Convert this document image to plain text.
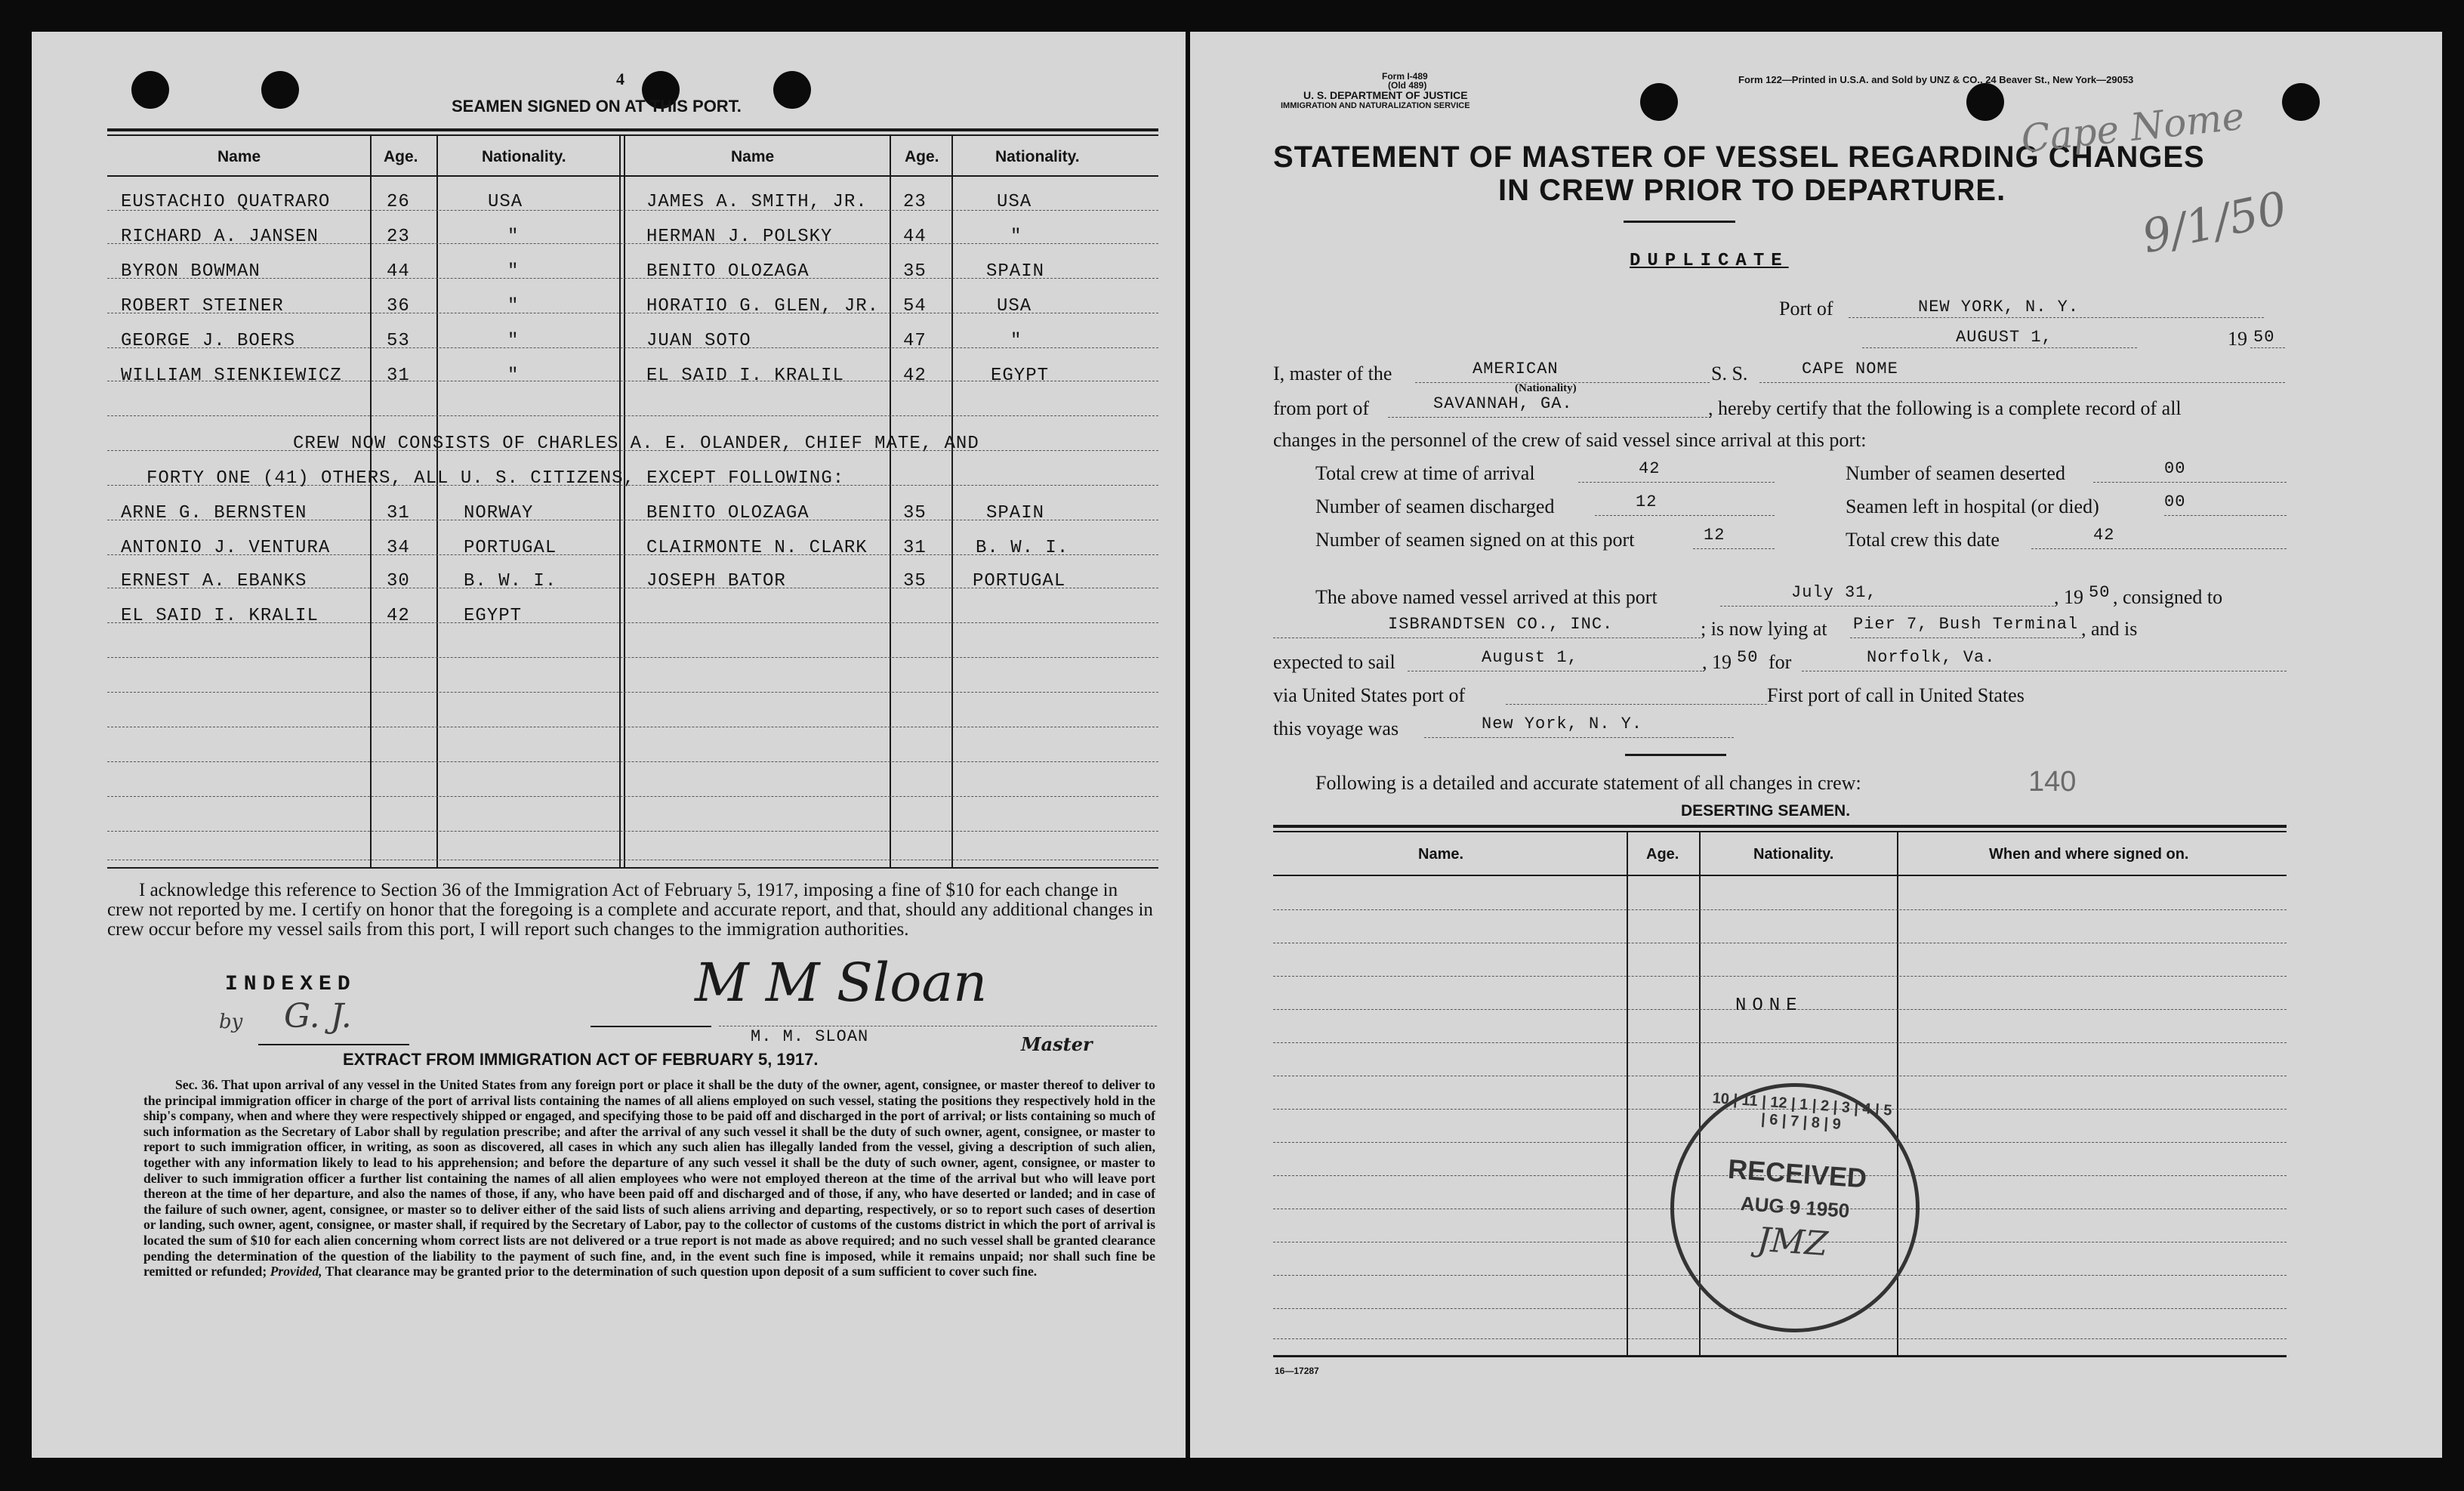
4
SEAMEN SIGNED ON AT THIS PORT.
Name	Age.	Nationality.	Name	Age.	Nationality.
EUSTACHIO QUATRARO	26	USA	JAMES A. SMITH, JR. 23	USA
RICHARD A. JANSEN	23	"	HERMAN J. POLSKY	44	"
BYRON BOWMAN	44	"	BENITO OLOZAGA	35	SPAIN
ROBERT STEINER	36	"	HORATIO G. GLEN, JR. 54	USA
GEORGE J. BOERS	53	"	JUAN SOTO	47	"
WILLIAM SIENKIEWICZ 31	"	EL SAID I. KRALIL	42	EGYPT
CREW NOW CONSISTS OF CHARLES A. E. OLANDER, CHIEF MATE, AND
FORTY ONE (41) OTHERS, ALL U. S. CITIZENS, EXCEPT FOLLOWING:
ARNE G. BERNSTEN	31	NORWAY	BENITO OLOZAGA	35	SPAIN
ANTONIO J. VENTURA	34	PORTUGAL	CLAIRMONTE N. CLARK 31	B. W. I.
ERNEST A. EBANKS	30	B. W. I.	JOSEPH BATOR	35	PORTUGAL
EL SAID I. KRALIL	42	EGYPT
I acknowledge this reference to Section 36 of the Immigration Act of February 5, 1917, imposing a fine of $10 for each change in crew not reported by me. I certify on honor that the foregoing is a complete and accurate report, and that, should any additional changes in crew occur before my vessel sails from this port, I will report such changes to the immigration authorities.
INDEXED
by G. J.
M M Sloan
M. M. SLOAN	Master
EXTRACT FROM IMMIGRATION ACT OF FEBRUARY 5, 1917.
Sec. 36. That upon arrival of any vessel in the United States from any foreign port or place it shall be the duty of the owner, agent, consignee, or master thereof to deliver to the principal immigration officer in charge of the port of arrival lists containing the names of all aliens employed on such vessel, stating the positions they respectively hold in the ship's company, when and where they were respectively shipped or engaged, and specifying those to be paid off and discharged in the port of arrival; or lists containing so much of such information as the Secretary of Labor shall by regulation prescribe; and after the arrival of any such vessel it shall be the duty of such owner, agent, consignee, or master to report to such immigration officer, in writing, as soon as discovered, all cases in which any such alien has illegally landed from the vessel, giving a description of such alien, together with any information likely to lead to his apprehension; and before the departure of any such vessel it shall be the duty of such owner, agent, consignee, or master to deliver to such immigration officer a further list containing the names of all alien employees who were not employed thereon at the time of the arrival but who will leave port thereon at the time of her departure, and also the names of those, if any, who have been paid off and discharged and of those, if any, who have deserted or landed; and in case of the failure of such owner, agent, consignee, or master so to deliver either of the said lists of such aliens arriving and departing, respectively, or so to report such cases of desertion or landing, such owner, agent, consignee, or master shall, if required by the Secretary of Labor, pay to the collector of customs of the customs district in which the port of arrival is located the sum of $10 for each alien concerning whom correct lists are not delivered or a true report is not made as above required; and no such vessel shall be granted clearance pending the determination of the question of the liability to the payment of such fine, and, in the event such fine is imposed, while it remains unpaid; nor shall such fine be remitted or refunded; Provided, That clearance may be granted prior to the determination of such question upon deposit of a sum sufficient to cover such fine.
Form I-489
(Old 489)
U. S. DEPARTMENT OF JUSTICE
IMMIGRATION AND NATURALIZATION SERVICE
Form 122—Printed in U.S.A. and Sold by UNZ & CO., 24 Beaver St., New York—29053
STATEMENT OF MASTER OF VESSEL REGARDING CHANGES
IN CREW PRIOR TO DEPARTURE.
Cape Nome
9/1/50
DUPLICATE
Port of	NEW YORK, N. Y.
AUGUST 1,	19 50
I, master of the	AMERICAN
(Nationality)
S. S.	CAPE NOME
from port of	SAVANNAH, GA.	, hereby certify that the following is a complete record of all
changes in the personnel of the crew of said vessel since arrival at this port:
Total crew at time of arrival	42	Number of seamen deserted	00
Number of seamen discharged	12	Seamen left in hospital (or died)	00
Number of seamen signed on at this port	12	Total crew this date	42
The above named vessel arrived at this port	July 31,	, 19 50 , consigned to
ISBRANDTSEN CO., INC.	; is now lying at Pier 7, Bush Terminal , and is
expected to sail	August 1,	, 19 50 for	Norfolk, Va.
via United States port of	First port of call in United States
this voyage was	New York, N. Y.
Following is a detailed and accurate statement of all changes in crew:	140
DESERTING SEAMEN.
Name.	Age.	Nationality.	When and where signed on.
NONE
10 | 11 | 12 | 1 | 2 | 3 | 4 | 5 | 6 | 7 | 8 | 9
RECEIVED
AUG 9 1950
JMZ
16—17287
